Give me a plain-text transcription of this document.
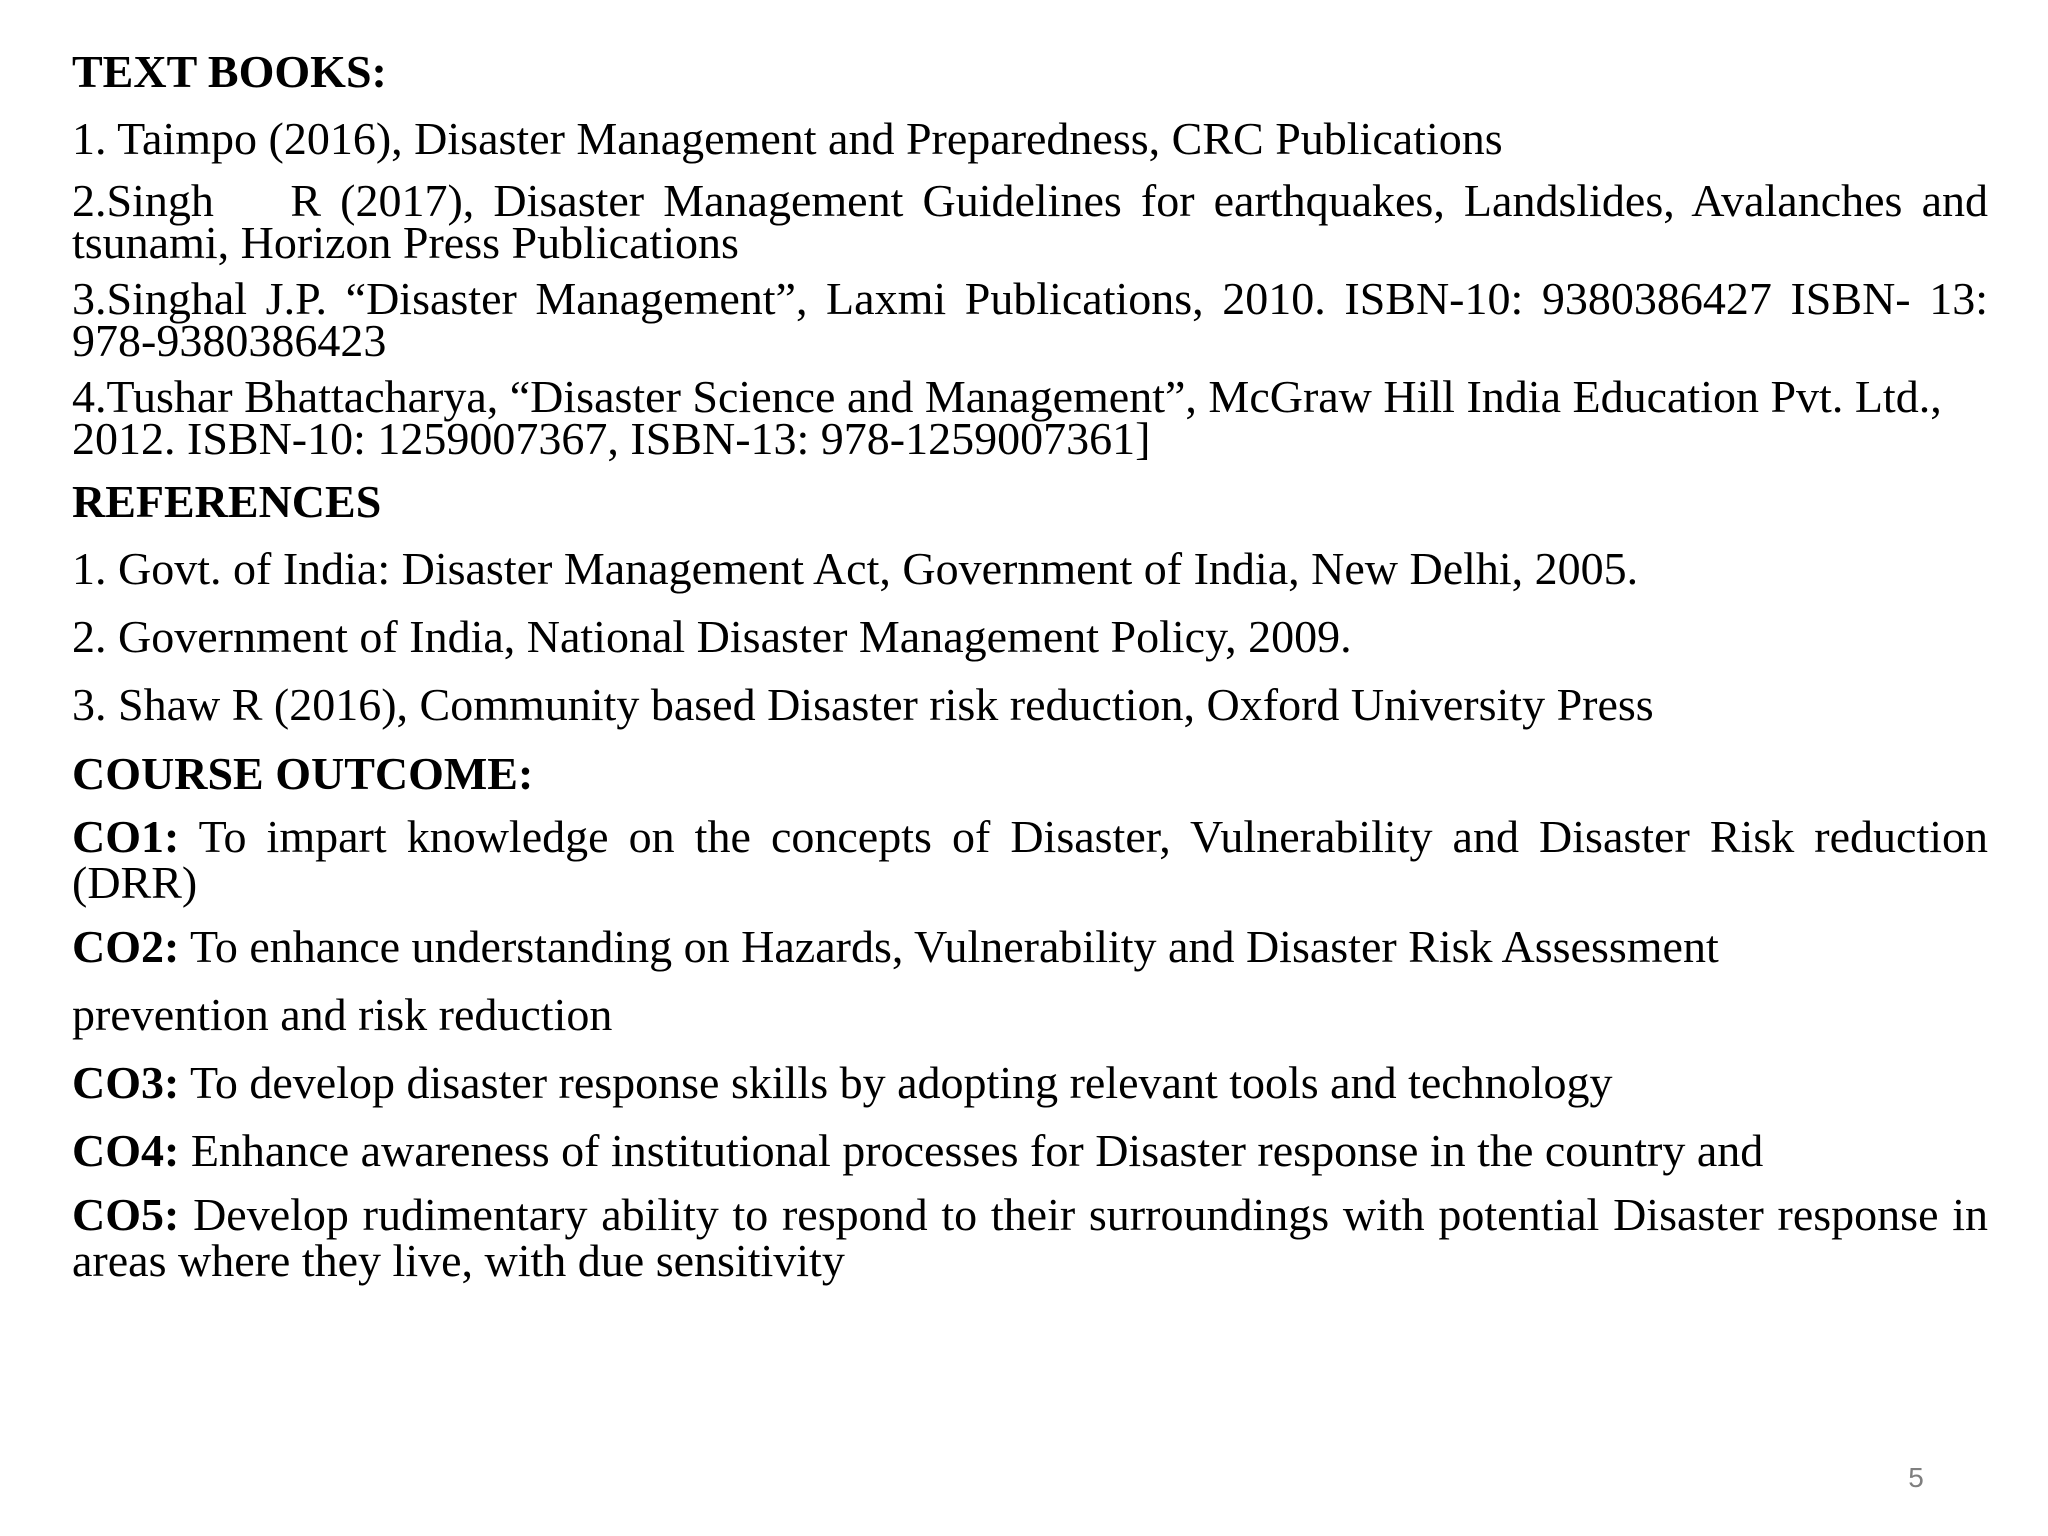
TEXT BOOKS:
1. Taimpo (2016), Disaster Management and Preparedness, CRC Publications
2.Singh    R (2017), Disaster Management Guidelines for earthquakes, Landslides, Avalanches and tsunami, Horizon Press Publications
3.Singhal J.P. “Disaster Management”, Laxmi Publications, 2010. ISBN-10: 9380386427 ISBN- 13: 978-9380386423
4.Tushar Bhattacharya, “Disaster Science and Management”, McGraw Hill India Education Pvt. Ltd., 2012. ISBN-10: 1259007367, ISBN-13: 978-1259007361]
REFERENCES
1. Govt. of India: Disaster Management Act, Government of India, New Delhi, 2005.
2. Government of India, National Disaster Management Policy, 2009.
3. Shaw R (2016), Community based Disaster risk reduction, Oxford University Press
COURSE OUTCOME:
CO1: To impart knowledge on the concepts of Disaster, Vulnerability and Disaster Risk reduction (DRR)
CO2: To enhance understanding on Hazards, Vulnerability and Disaster Risk Assessment
prevention and risk reduction
CO3: To develop disaster response skills by adopting relevant tools and technology
CO4: Enhance awareness of institutional processes for Disaster response in the country and
CO5: Develop rudimentary ability to respond to their surroundings with potential Disaster response in areas where they live, with due sensitivity
5
